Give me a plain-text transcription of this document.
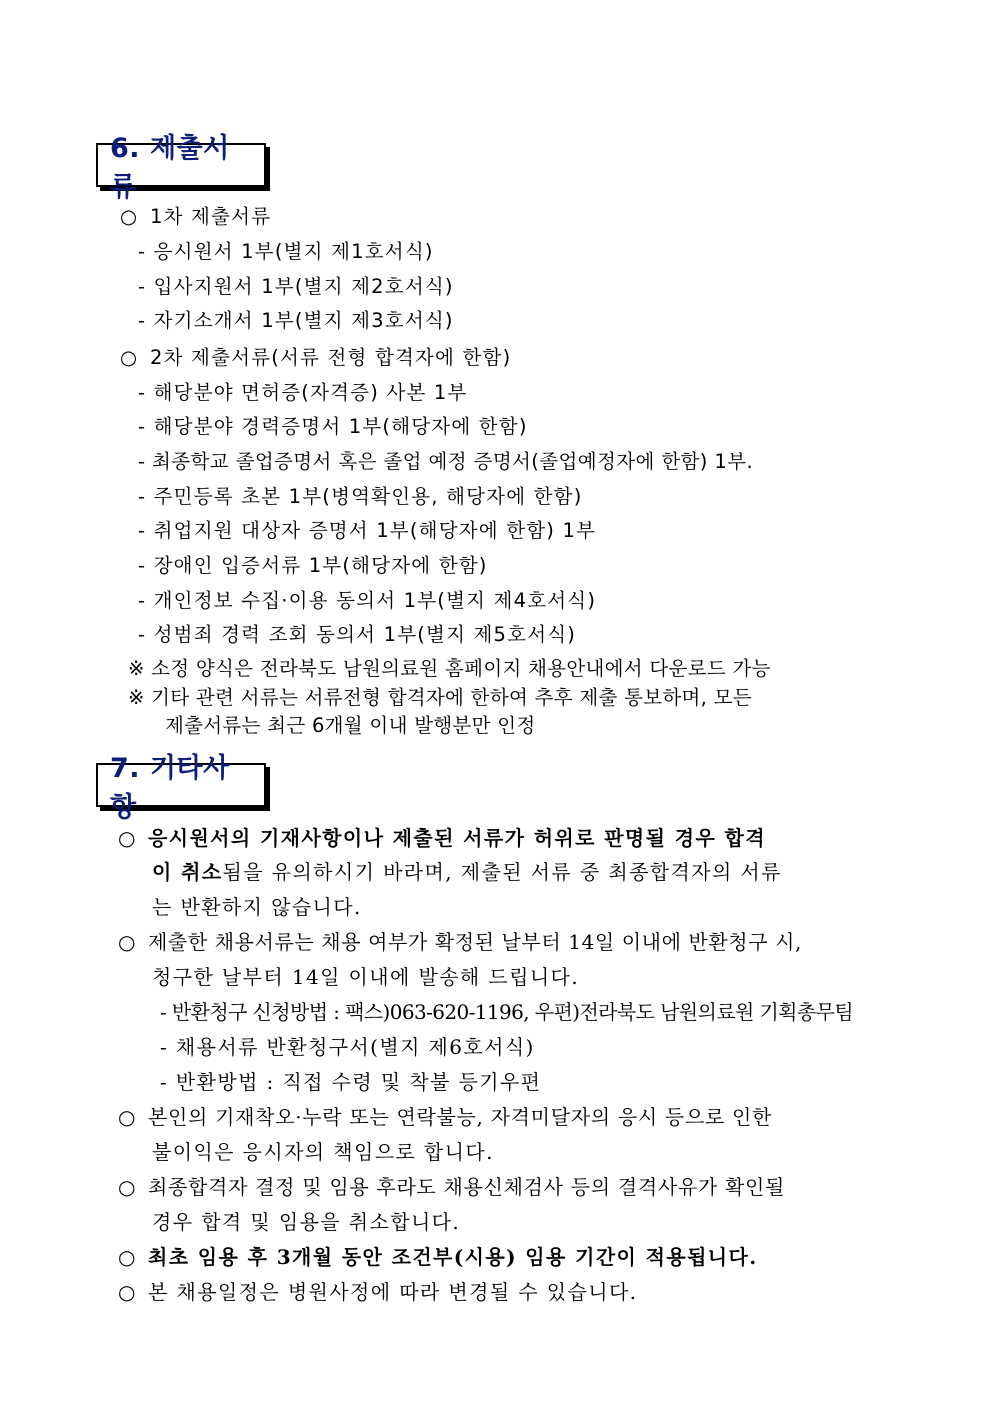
6. 제출서류
○ 1차 제출서류
- 응시원서 1부(별지 제1호서식)
- 입사지원서 1부(별지 제2호서식)
- 자기소개서 1부(별지 제3호서식)
○ 2차 제출서류(서류 전형 합격자에 한함)
- 해당분야 면허증(자격증) 사본 1부
- 해당분야 경력증명서 1부(해당자에 한함)
- 최종학교 졸업증명서 혹은 졸업 예정 증명서(졸업예정자에 한함) 1부.
- 주민등록 초본 1부(병역확인용, 해당자에 한함)
- 취업지원 대상자 증명서 1부(해당자에 한함) 1부
- 장애인 입증서류 1부(해당자에 한함)
- 개인정보 수집·이용 동의서 1부(별지 제4호서식)
- 성범죄 경력 조회 동의서 1부(별지 제5호서식)
※ 소정 양식은 전라북도 남원의료원 홈페이지 채용안내에서 다운로드 가능
※ 기타 관련 서류는 서류전형 합격자에 한하여 추후 제출 통보하며, 모든
제출서류는 최근 6개월 이내 발행분만 인정
7. 기타사항
○ 응시원서의 기재사항이나 제출된 서류가 허위로 판명될 경우 합격
이 취소됨을 유의하시기 바라며, 제출된 서류 중 최종합격자의 서류
는 반환하지 않습니다.
○ 제출한 채용서류는 채용 여부가 확정된 날부터 14일 이내에 반환청구 시,
청구한 날부터 14일 이내에 발송해 드립니다.
- 반환청구 신청방법 : 팩스)063-620-1196, 우편)전라북도 남원의료원 기획총무팀
- 채용서류 반환청구서(별지 제6호서식)
- 반환방법 : 직접 수령 및 착불 등기우편
○ 본인의 기재착오·누락 또는 연락불능, 자격미달자의 응시 등으로 인한
불이익은 응시자의 책임으로 합니다.
○ 최종합격자 결정 및 임용 후라도 채용신체검사 등의 결격사유가 확인될
경우 합격 및 임용을 취소합니다.
○ 최초 임용 후 3개월 동안 조건부(시용) 임용 기간이 적용됩니다.
○ 본 채용일정은 병원사정에 따라 변경될 수 있습니다.
